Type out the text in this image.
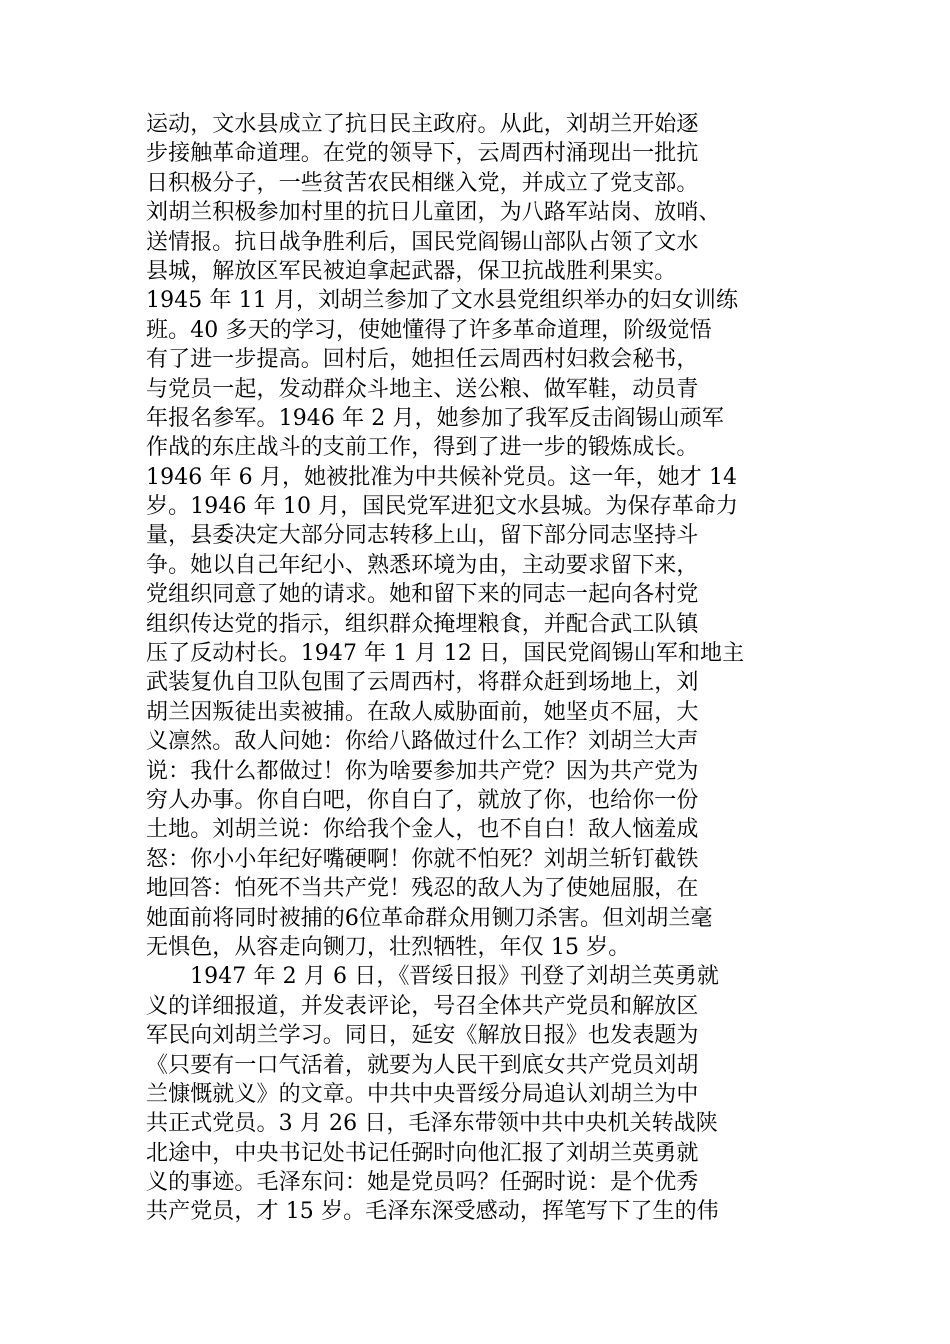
运动，文水县成立了抗日民主政府。从此，刘胡兰开始逐
步接触革命道理。在党的领导下，云周西村涌现出一批抗
日积极分子，一些贫苦农民相继入党，并成立了党支部。
刘胡兰积极参加村里的抗日儿童团，为八路军站岗、放哨、
送情报。抗日战争胜利后，国民党阎锡山部队占领了文水
县城，解放区军民被迫拿起武器，保卫抗战胜利果实。
1945 年 11 月，刘胡兰参加了文水县党组织举办的妇女训练
班。40 多天的学习，使她懂得了许多革命道理，阶级觉悟
有了进一步提高。回村后，她担任云周西村妇救会秘书，
与党员一起，发动群众斗地主、送公粮、做军鞋，动员青
年报名参军。1946 年 2 月，她参加了我军反击阎锡山顽军
作战的东庄战斗的支前工作，得到了进一步的锻炼成长。
1946 年 6 月，她被批准为中共候补党员。这一年，她才 14
岁。1946 年 10 月，国民党军进犯文水县城。为保存革命力
量，县委决定大部分同志转移上山，留下部分同志坚持斗
争。她以自己年纪小、熟悉环境为由，主动要求留下来，
党组织同意了她的请求。她和留下来的同志一起向各村党
组织传达党的指示，组织群众掩埋粮食，并配合武工队镇
压了反动村长。1947 年 1 月 12 日，国民党阎锡山军和地主
武装复仇自卫队包围了云周西村，将群众赶到场地上，刘
胡兰因叛徒出卖被捕。在敌人威胁面前，她坚贞不屈，大
义凛然。敌人问她：你给八路做过什么工作？刘胡兰大声
说：我什么都做过！你为啥要参加共产党？因为共产党为
穷人办事。你自白吧，你自白了，就放了你，也给你一份
土地。刘胡兰说：你给我个金人，也不自白！敌人恼羞成
怒：你小小年纪好嘴硬啊！你就不怕死？刘胡兰斩钉截铁
地回答：怕死不当共产党！残忍的敌人为了使她屈服，在
她面前将同时被捕的6位革命群众用铡刀杀害。但刘胡兰毫
无惧色，从容走向铡刀，壮烈牺牲，年仅 15 岁。
1947 年 2 月 6 日，《晋绥日报》刊登了刘胡兰英勇就
义的详细报道，并发表评论，号召全体共产党员和解放区
军民向刘胡兰学习。同日，延安《解放日报》也发表题为
《只要有一口气活着，就要为人民干到底女共产党员刘胡
兰慷慨就义》的文章。中共中央晋绥分局追认刘胡兰为中
共正式党员。3 月 26 日，毛泽东带领中共中央机关转战陕
北途中，中央书记处书记任弼时向他汇报了刘胡兰英勇就
义的事迹。毛泽东问：她是党员吗？任弼时说：是个优秀
共产党员，才 15 岁。毛泽东深受感动，挥笔写下了生的伟
